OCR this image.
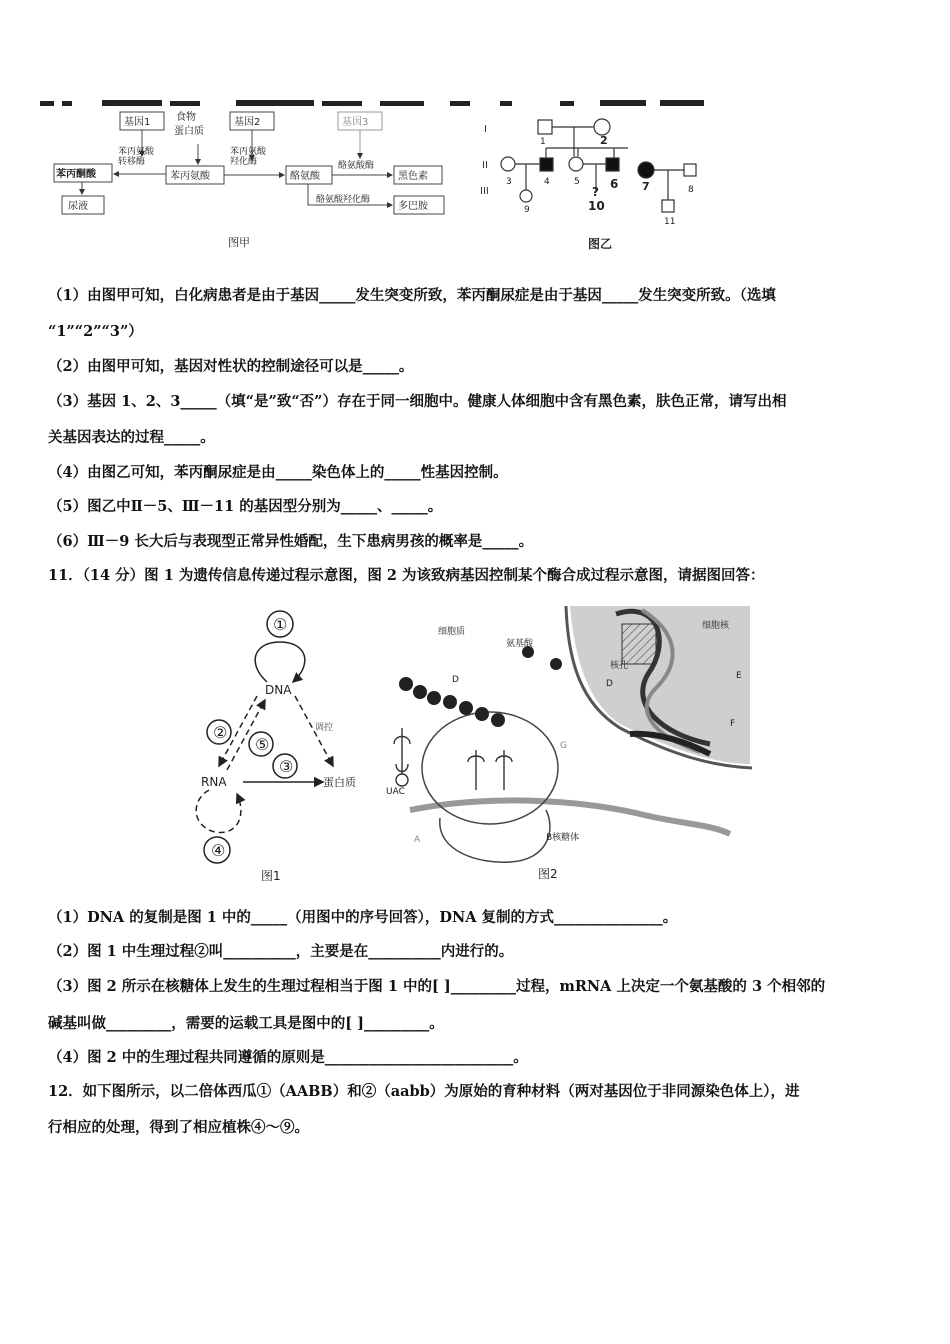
基因1	食物
蛋白质
基因2	基因3
苯丙酮酸	苯丙氨酸	酪氨酸	黑色素
尿液	多巴胺
苯丙氨酸
转移酶
苯丙氨酸
羟化酶	酪氨酸酶
酪氨酸羟化酶
图甲
I
II
III
1	2
3	4	5	6 7	8
9
?
10
11
图乙
（1）由图甲可知，白化病患者是由于基因_____发生突变所致，苯丙酮尿症是由于基因_____发生突变所致。（选填
“1”“2”“3”）
（2）由图甲可知，基因对性状的控制途径可以是_____。
（3）基因 1、2、3_____（填“是”致“否”）存在于同一细胞中。健康人体细胞中含有黑色素，肤色正常，请写出相
关基因表达的过程_____。
（4）由图乙可知，苯丙酮尿症是由_____染色体上的_____性基因控制。
（5）图乙中Ⅱ－5、Ⅲ－11 的基因型分别为_____、_____。
（6）Ⅲ－9 长大后与表现型正常异性婚配，生下患病男孩的概率是_____。
11．（14 分）图 1 为遗传信息传递过程示意图，图 2 为该致病基因控制某个酶合成过程示意图，请据图回答：
①
②
③
④
⑤
DNA
RNA	蛋白质
调控
图1
细胞质
细胞核
核孔
氨基酸
B核糖体
UAC
D	D
E
F
G
A
图2
（1）DNA 的复制是图 1 中的_____（用图中的序号回答），DNA 复制的方式_______________。
（2）图 1 中生理过程②叫__________，主要是在__________内进行的。
（3）图 2 所示在核糖体上发生的生理过程相当于图 1 中的[ ]_________过程，mRNA 上决定一个氨基酸的 3 个相邻的
碱基叫做_________，需要的运载工具是图中的[ ]_________。
（4）图 2 中的生理过程共同遵循的原则是__________________________。
12．如下图所示，以二倍体西瓜①（AABB）和②（aabb）为原始的育种材料（两对基因位于非同源染色体上），进
行相应的处理，得到了相应植株④～⑨。
